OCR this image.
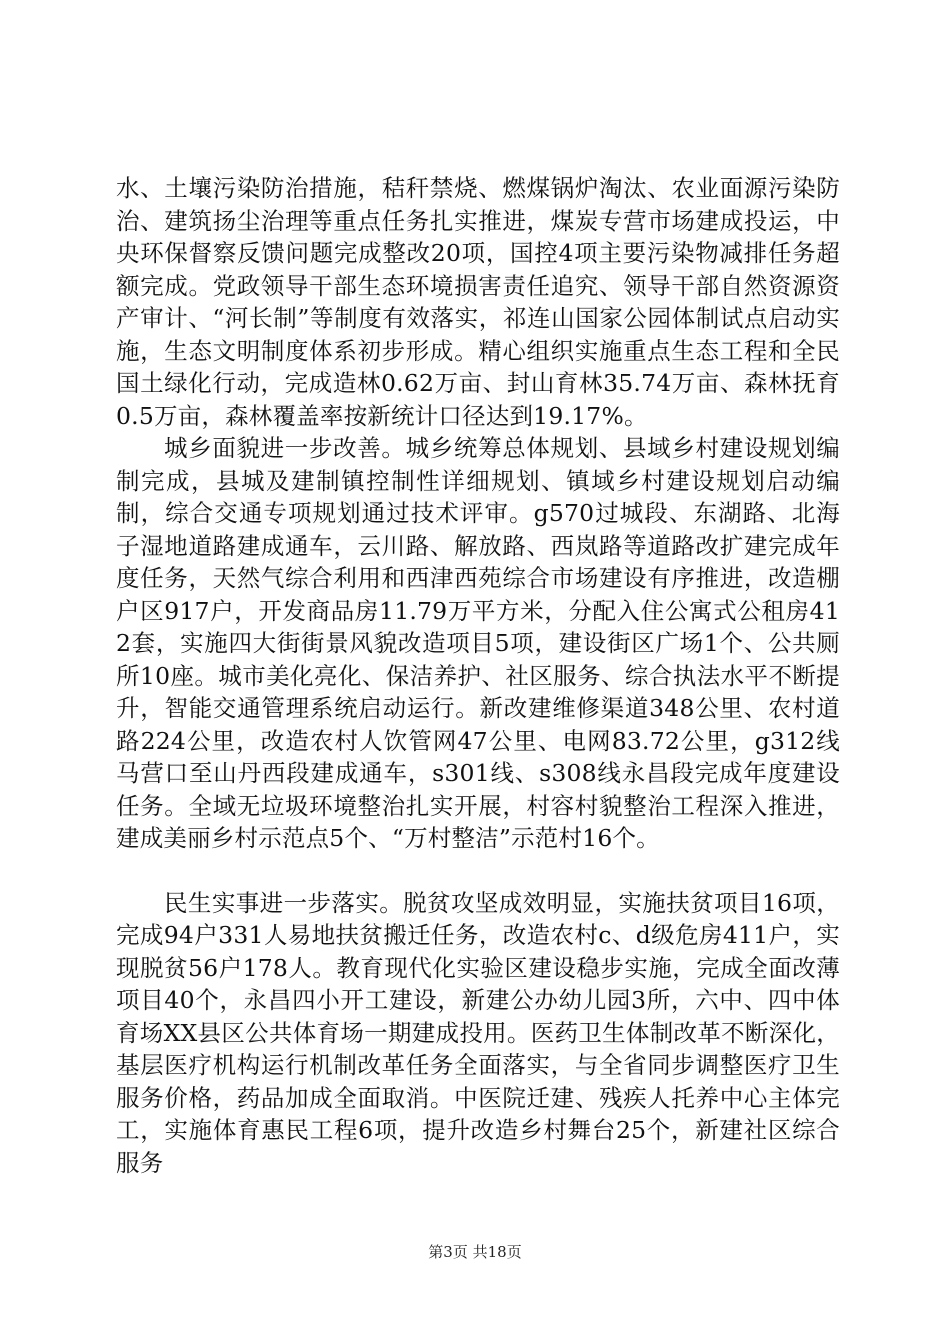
水、土壤污染防治措施，秸秆禁烧、燃煤锅炉淘汰、农业面源污染防治、建筑扬尘治理等重点任务扎实推进，煤炭专营市场建成投运，中央环保督察反馈问题完成整改20项，国控4项主要污染物减排任务超额完成。党政领导干部生态环境损害责任追究、领导干部自然资源资产审计、“河长制”等制度有效落实，祁连山国家公园体制试点启动实施，生态文明制度体系初步形成。精心组织实施重点生态工程和全民国土绿化行动，完成造林0.62万亩、封山育林35.74万亩、森林抚育0.5万亩，森林覆盖率按新统计口径达到19.17%。

城乡面貌进一步改善。城乡统筹总体规划、县域乡村建设规划编制完成，县城及建制镇控制性详细规划、镇域乡村建设规划启动编制，综合交通专项规划通过技术评审。g570过城段、东湖路、北海子湿地道路建成通车，云川路、解放路、西岚路等道路改扩建完成年度任务，天然气综合利用和西津西苑综合市场建设有序推进，改造棚户区917户，开发商品房11.79万平方米，分配入住公寓式公租房412套，实施四大街街景风貌改造项目5项，建设街区广场1个、公共厕所10座。城市美化亮化、保洁养护、社区服务、综合执法水平不断提升，智能交通管理系统启动运行。新改建维修渠道348公里、农村道路224公里，改造农村人饮管网47公里、电网83.72公里，g312线马营口至山丹西段建成通车，s301线、s308线永昌段完成年度建设任务。全域无垃圾环境整治扎实开展，村容村貌整治工程深入推进，建成美丽乡村示范点5个、“万村整洁”示范村16个。

民生实事进一步落实。脱贫攻坚成效明显，实施扶贫项目16项，完成94户331人易地扶贫搬迁任务，改造农村c、d级危房411户，实现脱贫56户178人。教育现代化实验区建设稳步实施，完成全面改薄项目40个，永昌四小开工建设，新建公办幼儿园3所，六中、四中体育场XX县区公共体育场一期建成投用。医药卫生体制改革不断深化，基层医疗机构运行机制改革任务全面落实，与全省同步调整医疗卫生服务价格，药品加成全面取消。中医院迁建、残疾人托养中心主体完工，实施体育惠民工程6项，提升改造乡村舞台25个，新建社区综合服务

第3页 共18页
